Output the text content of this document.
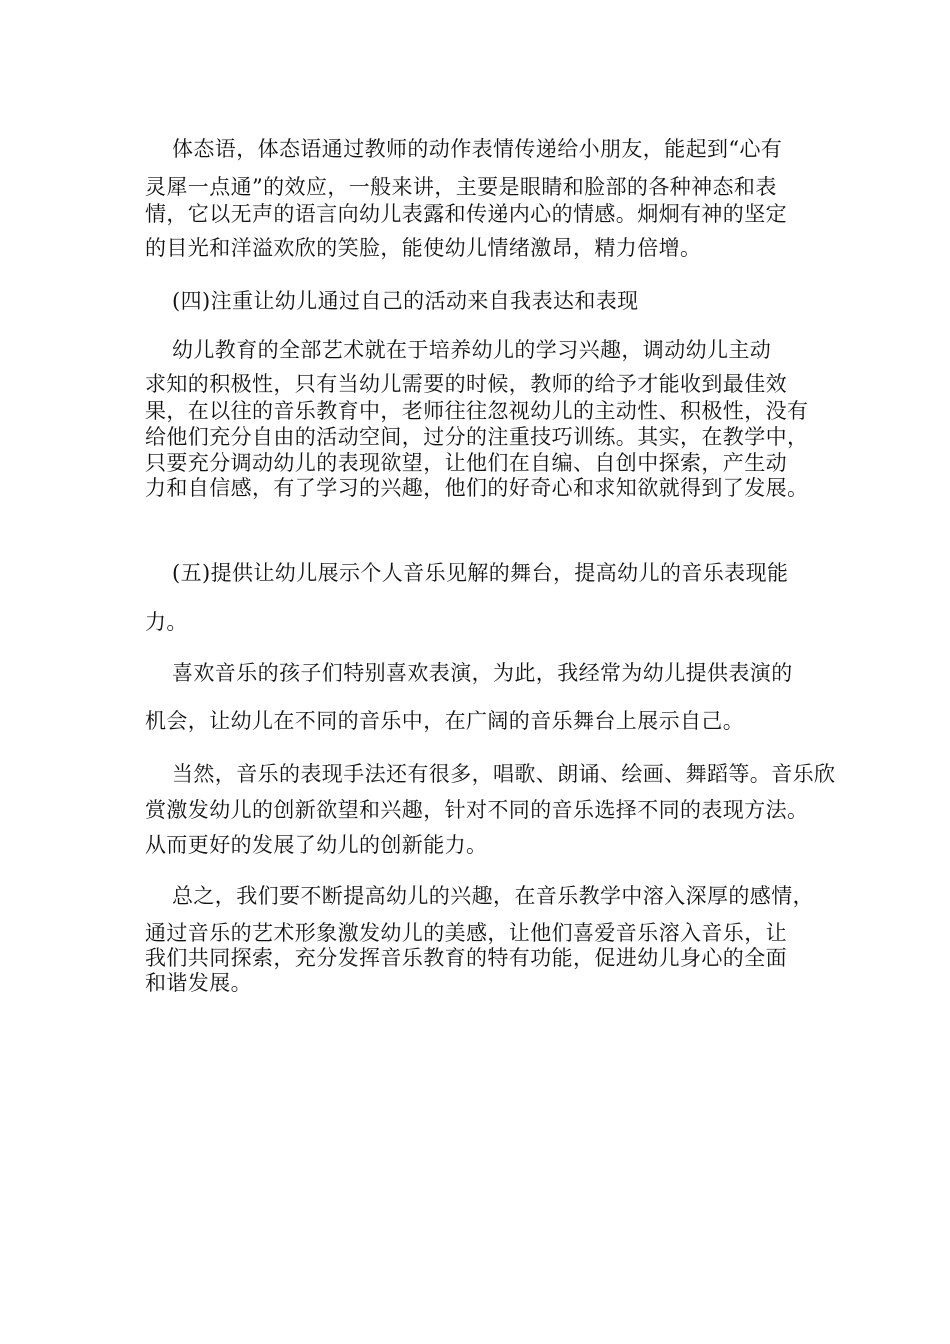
体态语，体态语通过教师的动作表情传递给小朋友，能起到“心有
灵犀一点通”的效应，一般来讲，主要是眼睛和脸部的各种神态和表
情，它以无声的语言向幼儿表露和传递内心的情感。炯炯有神的坚定
的目光和洋溢欢欣的笑脸，能使幼儿情绪激昂，精力倍增。
(四)注重让幼儿通过自己的活动来自我表达和表现
幼儿教育的全部艺术就在于培养幼儿的学习兴趣，调动幼儿主动
求知的积极性，只有当幼儿需要的时候，教师的给予才能收到最佳效
果，在以往的音乐教育中，老师往往忽视幼儿的主动性、积极性，没有
给他们充分自由的活动空间，过分的注重技巧训练。其实，在教学中，
只要充分调动幼儿的表现欲望，让他们在自编、自创中探索，产生动
力和自信感，有了学习的兴趣，他们的好奇心和求知欲就得到了发展。
(五)提供让幼儿展示个人音乐见解的舞台，提高幼儿的音乐表现能
力。
喜欢音乐的孩子们特别喜欢表演，为此，我经常为幼儿提供表演的
机会，让幼儿在不同的音乐中，在广阔的音乐舞台上展示自己。
当然，音乐的表现手法还有很多，唱歌、朗诵、绘画、舞蹈等。音乐欣
赏激发幼儿的创新欲望和兴趣，针对不同的音乐选择不同的表现方法。
从而更好的发展了幼儿的创新能力。
总之，我们要不断提高幼儿的兴趣，在音乐教学中溶入深厚的感情，
通过音乐的艺术形象激发幼儿的美感，让他们喜爱音乐溶入音乐，让
我们共同探索，充分发挥音乐教育的特有功能，促进幼儿身心的全面
和谐发展。
